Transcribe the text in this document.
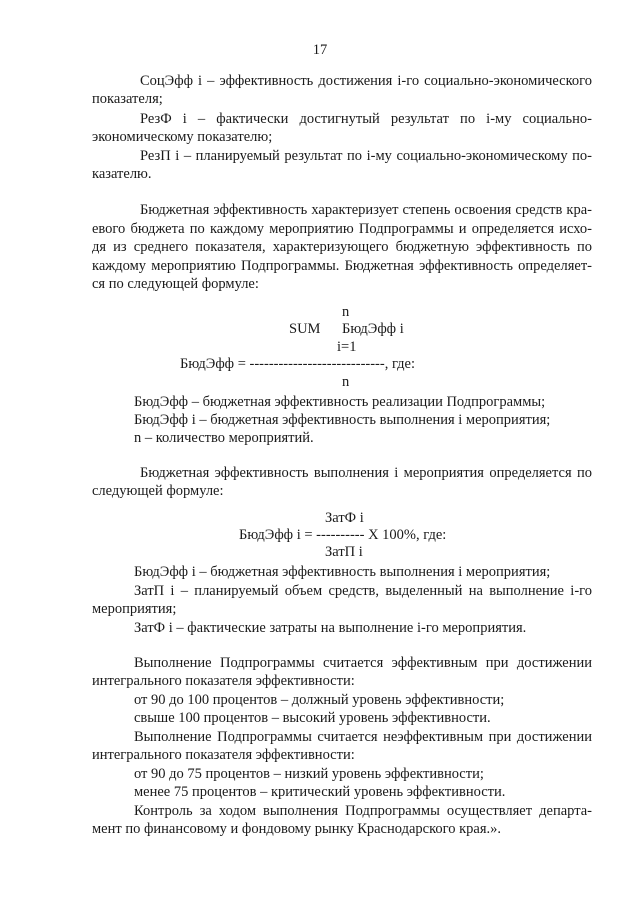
17
СоцЭфф i – эффективность достижения i-го социально-экономического
показателя;
РезФ i – фактически достигнутый результат по i-му социально-
экономическому показателю;
РезП i – планируемый результат по i-му социально-экономическому по-
казателю.
Бюджетная эффективность характеризует степень освоения средств кра-
евого бюджета по каждому мероприятию Подпрограммы и определяется исхо-
дя из среднего показателя, характеризующего бюджетную эффективность по
каждому мероприятию Подпрограммы. Бюджетная эффективность определяет-
ся по следующей формуле:
n
SUM БюдЭфф i
i=1
БюдЭфф = ----------------------------, где:
n
БюдЭфф – бюджетная эффективность реализации Подпрограммы;
БюдЭфф i – бюджетная эффективность выполнения i мероприятия;
n – количество мероприятий.
Бюджетная эффективность выполнения i мероприятия определяется по
следующей формуле:
ЗатФ i
БюдЭфф i = ---------- Х 100%, где:
ЗатП i
БюдЭфф i – бюджетная эффективность выполнения i мероприятия;
ЗатП i – планируемый объем средств, выделенный на выполнение i-го
мероприятия;
ЗатФ i – фактические затраты на выполнение i-го мероприятия.
Выполнение Подпрограммы считается эффективным при достижении
интегрального показателя эффективности:
от 90 до 100 процентов – должный уровень эффективности;
свыше 100 процентов – высокий уровень эффективности.
Выполнение Подпрограммы считается неэффективным при достижении
интегрального показателя эффективности:
от 90 до 75 процентов – низкий уровень эффективности;
менее 75 процентов – критический уровень эффективности.
Контроль за ходом выполнения Подпрограммы осуществляет департа-
мент по финансовому и фондовому рынку Краснодарского края.».
